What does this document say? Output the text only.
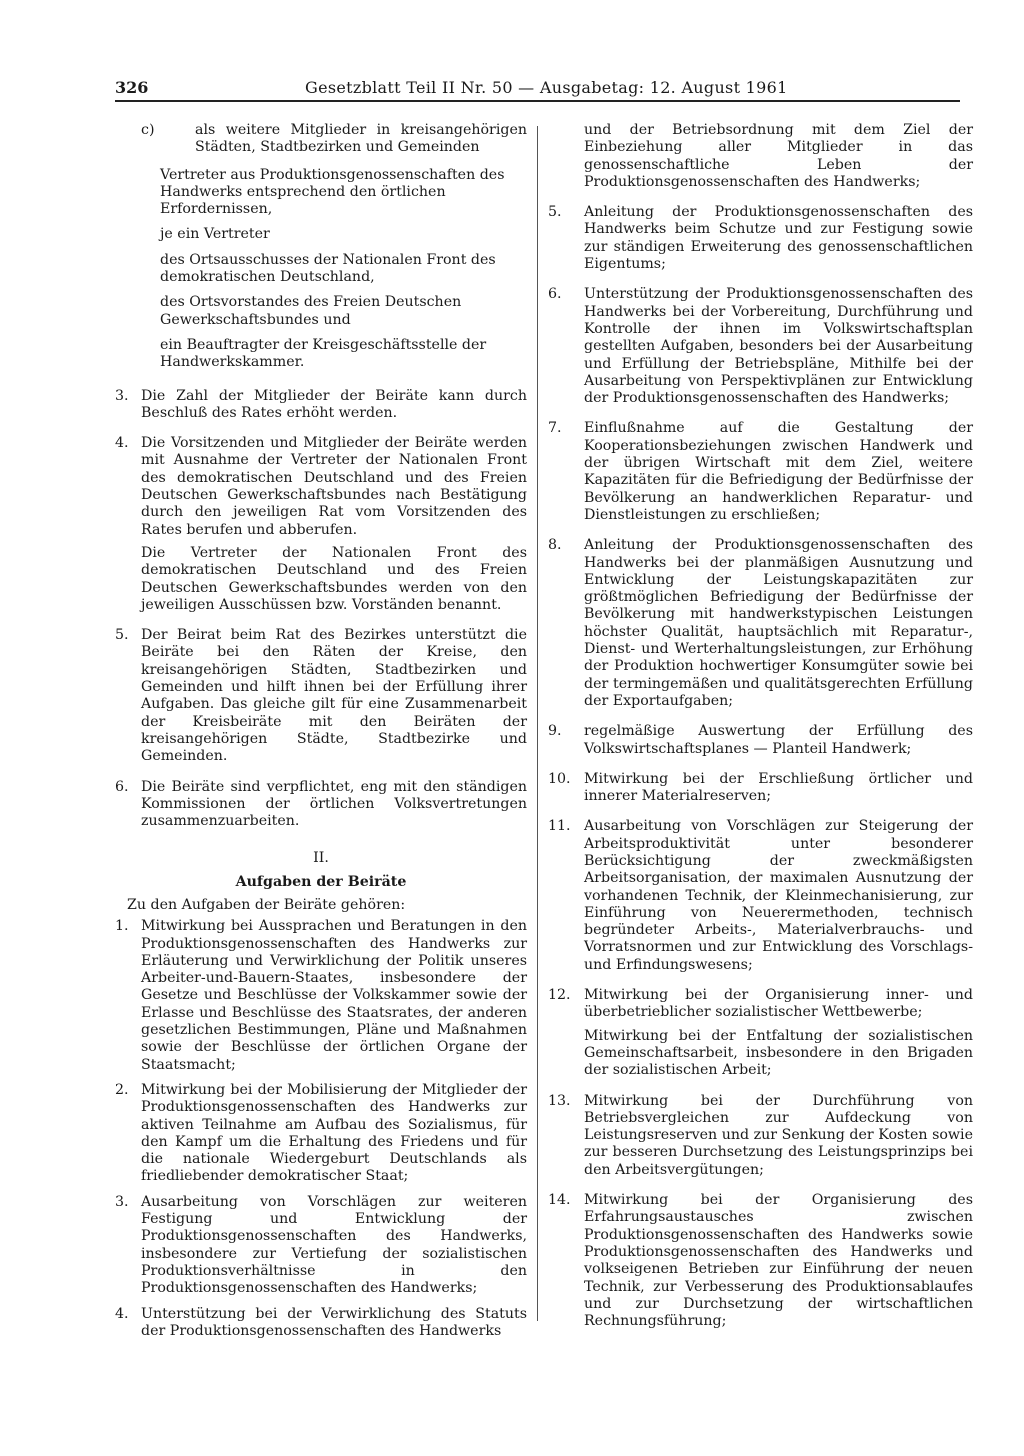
326	Gesetzblatt Teil II Nr. 50 — Ausgabetag: 12. August 1961
c)	als weitere Mitglieder in kreisangehörigen Städten, Stadtbezirken und Gemeinden

Vertreter aus Produktionsgenossenschaften des Handwerks entsprechend den örtlichen Erfordernissen,

je ein Vertreter

des Ortsausschusses der Nationalen Front des demokratischen Deutschland,

des Ortsvorstandes des Freien Deutschen Gewerkschaftsbundes und

ein Beauftragter der Kreisgeschäftsstelle der Handwerkskammer.

3. Die Zahl der Mitglieder der Beiräte kann durch Beschluß des Rates erhöht werden.

4. Die Vorsitzenden und Mitglieder der Beiräte werden mit Ausnahme der Vertreter der Nationalen Front des demokratischen Deutschland und des Freien Deutschen Gewerkschaftsbundes nach Bestätigung durch den jeweiligen Rat vom Vorsitzenden des Rates berufen und abberufen.

Die Vertreter der Nationalen Front des demokratischen Deutschland und des Freien Deutschen Gewerkschaftsbundes werden von den jeweiligen Ausschüssen bzw. Vorständen benannt.

5. Der Beirat beim Rat des Bezirkes unterstützt die Beiräte bei den Räten der Kreise, den kreisangehörigen Städten, Stadtbezirken und Gemeinden und hilft ihnen bei der Erfüllung ihrer Aufgaben. Das gleiche gilt für eine Zusammenarbeit der Kreisbeiräte mit den Beiräten der kreisangehörigen Städte, Stadtbezirke und Gemeinden.

6. Die Beiräte sind verpflichtet, eng mit den ständigen Kommissionen der örtlichen Volksvertretungen zusammenzuarbeiten.

II.

Aufgaben der Beiräte

Zu den Aufgaben der Beiräte gehören:

1. Mitwirkung bei Aussprachen und Beratungen in den Produktionsgenossenschaften des Handwerks zur Erläuterung und Verwirklichung der Politik unseres Arbeiter-und-Bauern-Staates, insbesondere der Gesetze und Beschlüsse der Volkskammer sowie der Erlasse und Beschlüsse des Staatsrates, der anderen gesetzlichen Bestimmungen, Pläne und Maßnahmen sowie der Beschlüsse der örtlichen Organe der Staatsmacht;

2. Mitwirkung bei der Mobilisierung der Mitglieder der Produktionsgenossenschaften des Handwerks zur aktiven Teilnahme am Aufbau des Sozialismus, für den Kampf um die Erhaltung des Friedens und für die nationale Wiedergeburt Deutschlands als friedliebender demokratischer Staat;

3. Ausarbeitung von Vorschlägen zur weiteren Festigung und Entwicklung der Produktionsgenossenschaften des Handwerks, insbesondere zur Vertiefung der sozialistischen Produktionsverhältnisse in den Produktionsgenossenschaften des Handwerks;

4. Unterstützung bei der Verwirklichung des Statuts der Produktionsgenossenschaften des Handwerks

und der Betriebsordnung mit dem Ziel der Einbeziehung aller Mitglieder in das genossenschaftliche Leben der Produktionsgenossenschaften des Handwerks;

5.	Anleitung der Produktionsgenossenschaften des Handwerks beim Schutze und zur Festigung sowie zur ständigen Erweiterung des genossenschaftlichen Eigentums;

6.	Unterstützung der Produktionsgenossenschaften des Handwerks bei der Vorbereitung, Durchführung und Kontrolle der ihnen im Volkswirtschaftsplan gestellten Aufgaben, besonders bei der Ausarbeitung und Erfüllung der Betriebspläne, Mithilfe bei der Ausarbeitung von Perspektivplänen zur Entwicklung der Produktionsgenossenschaften des Handwerks;

7.	Einflußnahme auf die Gestaltung der Kooperationsbeziehungen zwischen Handwerk und der übrigen Wirtschaft mit dem Ziel, weitere Kapazitäten für die Befriedigung der Bedürfnisse der Bevölkerung an handwerklichen Reparatur- und Dienstleistungen zu erschließen;

8.	Anleitung der Produktionsgenossenschaften des Handwerks bei der planmäßigen Ausnutzung und Entwicklung der Leistungskapazitäten zur größtmöglichen Befriedigung der Bedürfnisse der Bevölkerung mit handwerkstypischen Leistungen höchster Qualität, hauptsächlich mit Reparatur-, Dienst- und Werterhaltungsleistungen, zur Erhöhung der Produktion hochwertiger Konsumgüter sowie bei der termingemäßen und qualitätsgerechten Erfüllung der Exportaufgaben;

9.	regelmäßige Auswertung der Erfüllung des Volkswirtschaftsplanes — Planteil Handwerk;

10. Mitwirkung bei der Erschließung örtlicher und innerer Materialreserven;

11. Ausarbeitung von Vorschlägen zur Steigerung der Arbeitsproduktivität unter besonderer Berücksichtigung der zweckmäßigsten Arbeitsorganisation, der maximalen Ausnutzung der vorhandenen Technik, der Kleinmechanisierung, zur Einführung von Neuerermethoden, technisch begründeter Arbeits-, Materialverbrauchs- und Vorratsnormen und zur Entwicklung des Vorschlags- und Erfindungswesens;

12. Mitwirkung bei der Organisierung inner- und überbetrieblicher sozialistischer Wettbewerbe;

Mitwirkung bei der Entfaltung der sozialistischen Gemeinschaftsarbeit, insbesondere in den Brigaden der sozialistischen Arbeit;

13. Mitwirkung bei der Durchführung von Betriebsvergleichen zur Aufdeckung von Leistungsreserven und zur Senkung der Kosten sowie zur besseren Durchsetzung des Leistungsprinzips bei den Arbeitsvergütungen;

14. Mitwirkung bei der Organisierung des Erfahrungsaustausches zwischen Produktionsgenossenschaften des Handwerks sowie Produktionsgenossenschaften des Handwerks und volkseigenen Betrieben zur Einführung der neuen Technik, zur Verbesserung des Produktionsablaufes und zur Durchsetzung der wirtschaftlichen Rechnungsführung;
